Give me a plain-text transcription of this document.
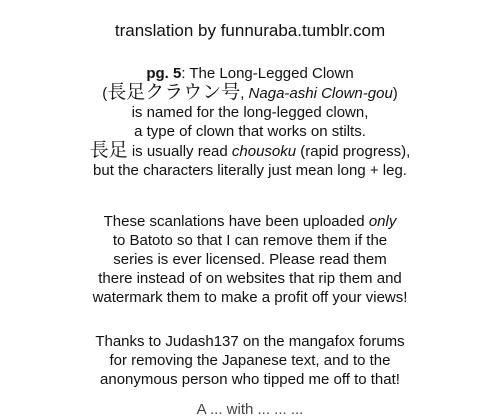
translation by funnuraba.tumblr.com
pg. 5: The Long-Legged Clown
(長足クラウン号, Naga-ashi Clown-gou)
is named for the long-legged clown,
a type of clown that works on stilts.
長足 is usually read chousoku (rapid progress),
but the characters literally just mean long + leg.
These scanlations have been uploaded only
to Batoto so that I can remove them if the
series is ever licensed. Please read them
there instead of on websites that rip them and
watermark them to make a profit off your views!
Thanks to Judash137 on the mangafox forums
for removing the Japanese text, and to the
anonymous person who tipped me off to that!
A ... with ... ... ...
